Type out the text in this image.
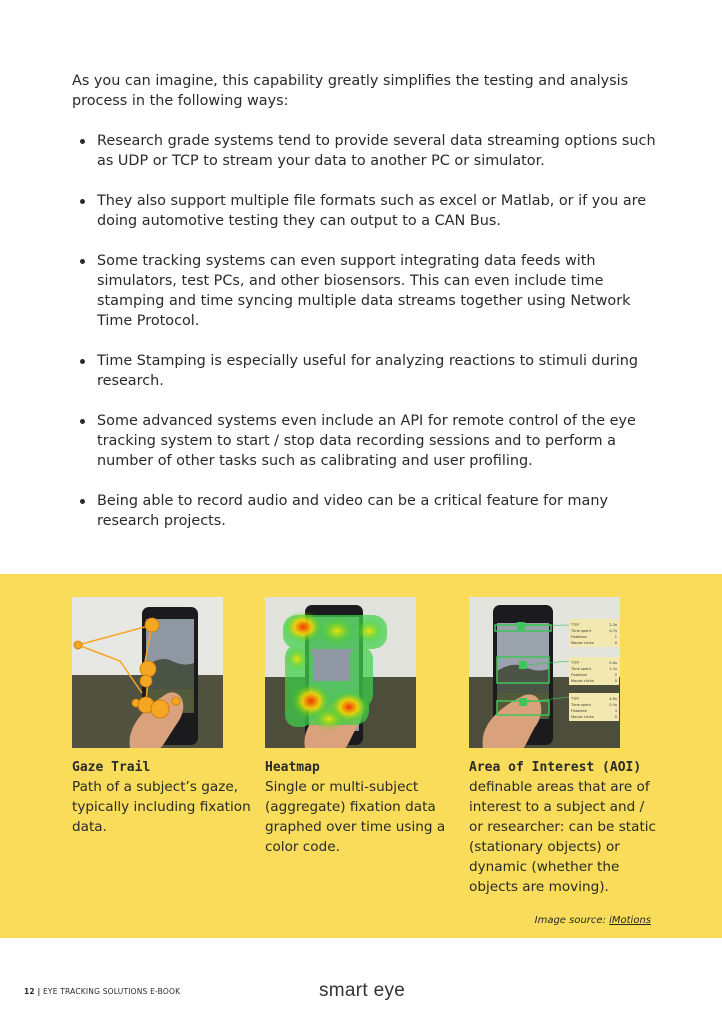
As you can imagine, this capability greatly simplifies the testing and analysis process in the following ways:

Research grade systems tend to provide several data streaming options such as UDP or TCP to stream your data to another PC or simulator.
They also support multiple file formats such as excel or Matlab, or if you are doing automotive testing they can output to a CAN Bus.
Some tracking systems can even support integrating data feeds with simulators, test PCs, and other biosensors. This can even include time stamping and time syncing multiple data streams together using Network Time Protocol.
Time Stamping is especially useful for analyzing reactions to stimuli during research.
Some advanced systems even include an API for remote control of the eye tracking system to start / stop data recording sessions and to perform a number of other tasks such as calibrating and user profiling.
Being able to record audio and video can be a critical feature for many research projects.
Gaze Trail
Path of a subject’s gaze, typically including fixation data.
Heatmap
Single or multi-subject (aggregate) fixation data graphed over time using a color code.
TTFF
Time spent
Fixations
Mouse clicks
2.3s
0.7s
1
0
TTFF
Time spent
Fixations
Mouse clicks
0.4s
1.1s
2
0
TTFF
Time spent
Fixations
Mouse clicks
4.9s
0.1s
3
0
Area of Interest (AOI)
definable areas that are of interest to a subject and / or researcher: can be static (stationary objects) or dynamic (whether the objects are moving).
Image source: iMotions
12 | EYE TRACKING SOLUTIONS E-BOOK	smart eye
